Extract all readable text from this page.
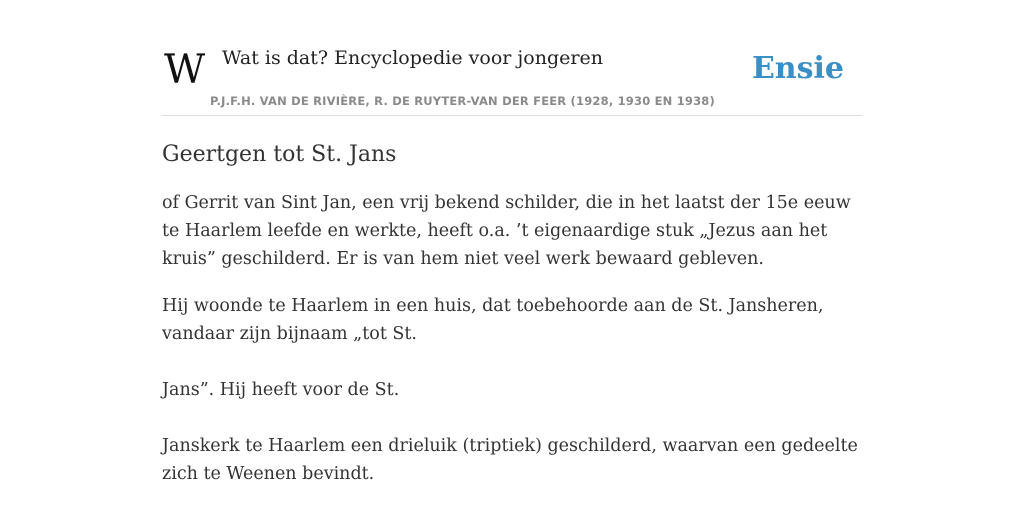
W Wat is dat? Encyclopedie voor jongeren
P.J.F.H. VAN DE RIVIÈRE, R. DE RUYTER-VAN DER FEER (1928, 1930 EN 1938)
Ensie
Geertgen tot St. Jans

of Gerrit van Sint Jan, een vrij bekend schilder, die in het laatst der 15e eeuw te Haarlem leefde en werkte, heeft o.a. ’t eigenaardige stuk „Jezus aan het kruis” geschilderd. Er is van hem niet veel werk bewaard gebleven.

Hij woonde te Haarlem in een huis, dat toebehoorde aan de St. Jansheren, vandaar zijn bijnaam „tot St.

Jans”. Hij heeft voor de St.

Janskerk te Haarlem een drieluik (triptiek) geschilderd, waarvan een gedeelte zich te Weenen bevindt.
